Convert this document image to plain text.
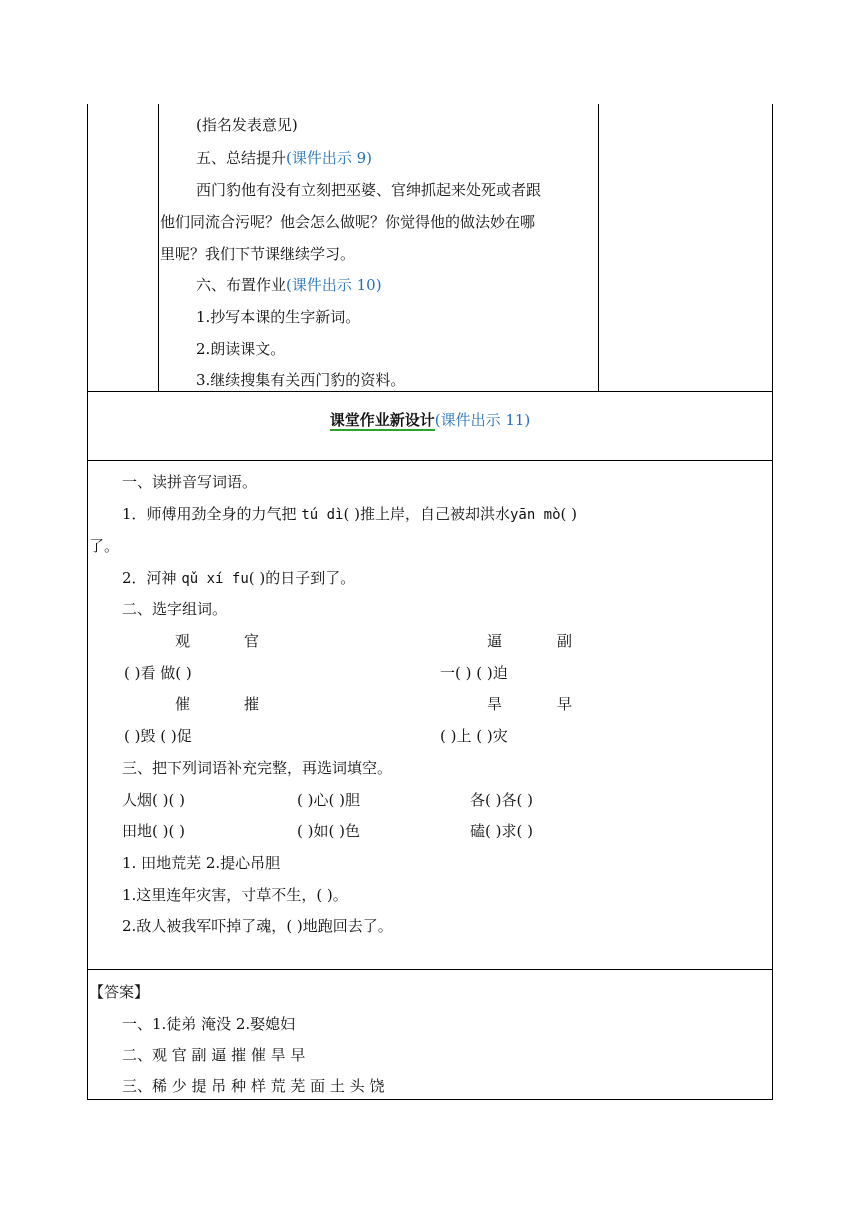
(指名发表意见)
五、总结提升(课件出示 9)
西门豹他有没有立刻把巫婆、官绅抓起来处死或者跟
他们同流合污呢？他会怎么做呢？你觉得他的做法妙在哪
里呢？我们下节课继续学习。
六、布置作业(课件出示 10)
1.抄写本课的生字新词。
2.朗读课文。
3.继续搜集有关西门豹的资料。
课堂作业新设计(课件出示 11)
一、读拼音写词语。
1．师傅用劲全身的力气把 tú dì( )推上岸，自己被却洪水yān mò( )
了。
2．河神 qǔ xí fu( )的日子到了。
二、选字组词。
观	官	逼	副
( )看 做( )	一( ) ( )迫
催	摧	旱	早
( )毁 ( )促	( )上 ( )灾
三、把下列词语补充完整，再选词填空。
人烟( )( )	( )心( )胆	各( )各( )
田地( )( )	( )如( )色	磕( )求( )
1. 田地荒芜 2.提心吊胆
1.这里连年灾害，寸草不生，( )。
2.敌人被我军吓掉了魂，( )地跑回去了。
【答案】
一、1.徒弟 淹没 2.娶媳妇
二、观 官 副 逼 摧 催 旱 早
三、稀 少 提 吊 种 样 荒 芜 面 土 头 饶
